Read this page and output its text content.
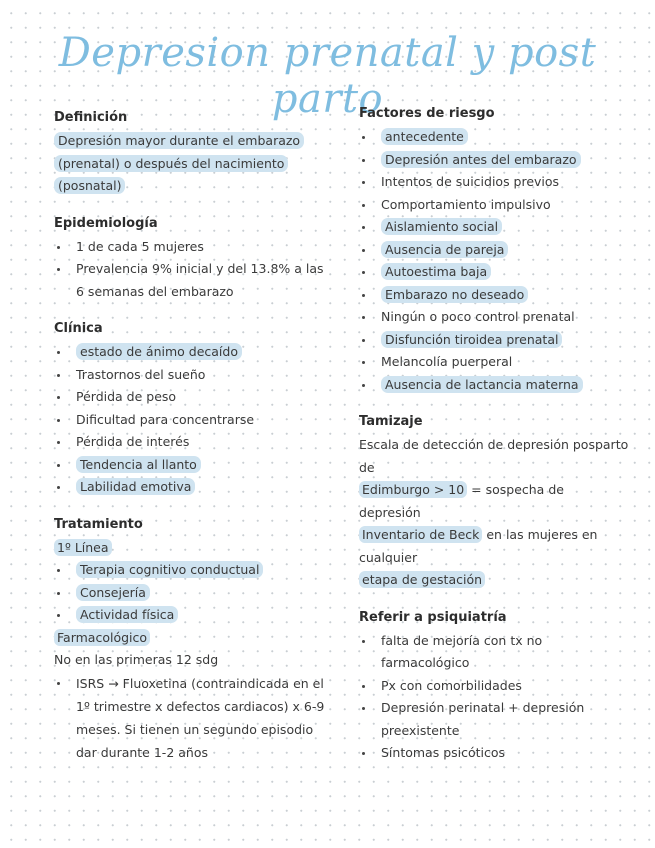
Depresion prenatal y post parto
Definición
Depresión mayor durante el embarazo (prenatal) o después del nacimiento (posnatal)
Epidemiología
1 de cada 5 mujeres
Prevalencia 9% inicial y del 13.8% a las 6 semanas del embarazo
Clínica
estado de ánimo decaído
Trastornos del sueño
Pérdida de peso
Dificultad para concentrarse
Pérdida de interés
Tendencia al llanto
Labilidad emotiva
Tratamiento
1º Línea
Terapia cognitivo conductual
Consejería
Actividad física
Farmacológico
No en las primeras 12 sdg
ISRS → Fluoxetina (contraindicada en el 1º trimestre x defectos cardiacos) x 6-9 meses. Si tienen un segundo episodio dar durante 1-2 años
Factores de riesgo
antecedente
Depresión antes del embarazo
Intentos de suicidios previos
Comportamiento impulsivo
Aislamiento social
Ausencia de pareja
Autoestima baja
Embarazo no deseado
Ningún o poco control prenatal
Disfunción tiroidea prenatal
Melancolía puerperal
Ausencia de lactancia materna
Tamizaje
Escala de detección de depresión posparto de
Edimburgo > 10 = sospecha de depresión
Inventario de Beck en las mujeres en cualquier
etapa de gestación
Referir a psiquiatría
falta de mejoría con tx no farmacológico
Px con comorbilidades
Depresión perinatal + depresión preexistente
Síntomas psicóticos
